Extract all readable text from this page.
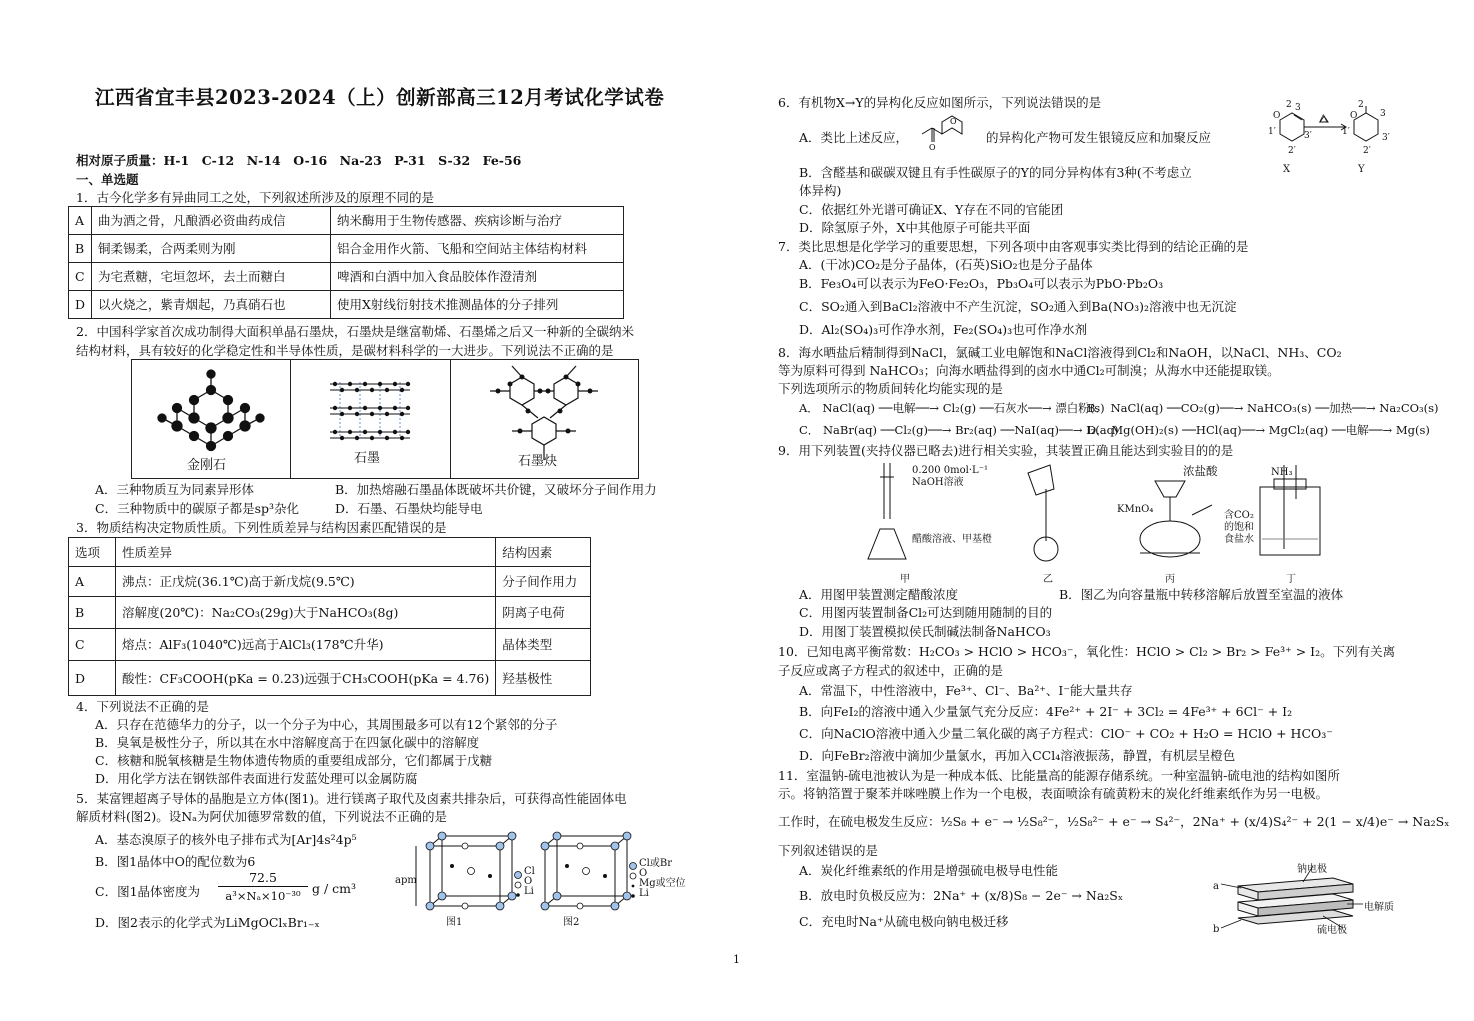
江西省宜丰县2023-2024（上）创新部高三12月考试化学试卷
相对原子质量：H-1　C-12　N-14　O-16　Na-23　P-31　S-32　Fe-56
一、单选题
1．古今化学多有异曲同工之处，下列叙述所涉及的原理不同的是
A	曲为酒之骨，凡酿酒必资曲药成信	纳米酶用于生物传感器、疾病诊断与治疗
B	铜柔锡柔，合两柔则为刚	铝合金用作火箭、飞船和空间站主体结构材料
C	为宅煮糖，宅垣忽坏，去土而糖白	啤酒和白酒中加入食品胶体作澄清剂
D	以火烧之，紫青烟起，乃真硝石也	使用X射线衍射技术推测晶体的分子排列
2．中国科学家首次成功制得大面积单晶石墨炔，石墨炔是继富勒烯、石墨烯之后又一种新的全碳纳米
结构材料，具有较好的化学稳定性和半导体性质，是碳材料科学的一大进步。下列说法不正确的是
金刚石	石墨	石墨炔
A．三种物质互为同素异形体	B．加热熔融石墨晶体既破坏共价键，又破坏分子间作用力
C．三种物质中的碳原子都是sp³杂化	D．石墨、石墨炔均能导电
3．物质结构决定物质性质。下列性质差异与结构因素匹配错误的是
选项	性质差异	结构因素
A	沸点：正戊烷(36.1℃)高于新戊烷(9.5℃)	分子间作用力
B	溶解度(20℃)：Na₂CO₃(29g)大于NaHCO₃(8g)	阴离子电荷
C	熔点：AlF₃(1040℃)远高于AlCl₃(178℃升华)	晶体类型
D	酸性：CF₃COOH(pKa = 0.23)远强于CH₃COOH(pKa = 4.76)	羟基极性
4．下列说法不正确的是
A．只存在范德华力的分子，以一个分子为中心，其周围最多可以有12个紧邻的分子
B．臭氧是极性分子，所以其在水中溶解度高于在四氯化碳中的溶解度
C．核糖和脱氧核糖是生物体遗传物质的重要组成部分，它们都属于戊糖
D．用化学方法在钢铁部件表面进行发蓝处理可以金属防腐
5．某富锂超离子导体的晶胞是立方体(图1)。进行镁离子取代及卤素共排杂后，可获得高性能固体电
解质材料(图2)。设Nₐ为阿伏加德罗常数的值，下列说法不正确的是
A．基态溴原子的核外电子排布式为[Ar]4s²4p⁵
B．图1晶体中O的配位数为6
C．图1晶体密度为
72.5
a³×Nₐ×10⁻³⁰ g / cm³
D．图2表示的化学式为LiMgOClₓBr₁₋ₓ
apm
Cl
O
Li
Cl或Br
O
Mg或空位
Li
图1	图2
6．有机物X→Y的异构化反应如图所示，下列说法错误的是
A．类比上述反应，
O
O
的异构化产物可发生银镜反应和加聚反应
B．含醛基和碳碳双键且有手性碳原子的Y的同分异构体有3种(不考虑立
体异构)
C．依据红外光谱可确证X、Y存在不同的官能团
D．除氢原子外，X中其他原子可能共平面
2
O
3
1′	3′
2′
2
O	3
1′
3′
2′
△
X	Y
7．类比思想是化学学习的重要思想，下列各项中由客观事实类比得到的结论正确的是
A．(干冰)CO₂是分子晶体，(石英)SiO₂也是分子晶体
B．Fe₃O₄可以表示为FeO·Fe₂O₃，Pb₃O₄可以表示为PbO·Pb₂O₃
C．SO₂通入到BaCl₂溶液中不产生沉淀，SO₂通入到Ba(NO₃)₂溶液中也无沉淀
D．Al₂(SO₄)₃可作净水剂，Fe₂(SO₄)₃也可作净水剂
8．海水晒盐后精制得到NaCl，氯碱工业电解饱和NaCl溶液得到Cl₂和NaOH，以NaCl、NH₃、CO₂
等为原料可得到 NaHCO₃；向海水晒盐得到的卤水中通Cl₂可制溴；从海水中还能提取镁。
下列选项所示的物质间转化均能实现的是
A． NaCl(aq) ──电解──→ Cl₂(g) ──石灰水──→ 漂白粉(s)
B． NaCl(aq) ──CO₂(g)──→ NaHCO₃(s) ──加热──→ Na₂CO₃(s)
C． NaBr(aq) ──Cl₂(g)──→ Br₂(aq) ──NaI(aq)──→ I₂(aq)
D． Mg(OH)₂(s) ──HCl(aq)──→ MgCl₂(aq) ──电解──→ Mg(s)
9．用下列装置(夹持仪器已略去)进行相关实验，其装置正确且能达到实验目的的是
0.200 0mol·L⁻¹
NaOH溶液
醋酸溶液、甲基橙
浓盐酸
KMnO₄
NH₃
含CO₂
的饱和
食盐水
甲	乙	丙	丁
A．用图甲装置测定醋酸浓度	B．图乙为向容量瓶中转移溶解后放置至室温的液体
C．用图丙装置制备Cl₂可达到随用随制的目的
D．用图丁装置模拟侯氏制碱法制备NaHCO₃
10．已知电离平衡常数：H₂CO₃ > HClO > HCO₃⁻，氧化性：HClO > Cl₂ > Br₂ > Fe³⁺ > I₂。下列有关离
子反应或离子方程式的叙述中，正确的是
A．常温下，中性溶液中，Fe³⁺、Cl⁻、Ba²⁺、I⁻能大量共存
B．向FeI₂的溶液中通入少量氯气充分反应：4Fe²⁺ + 2I⁻ + 3Cl₂ = 4Fe³⁺ + 6Cl⁻ + I₂
C．向NaClO溶液中通入少量二氧化碳的离子方程式：ClO⁻ + CO₂ + H₂O = HClO + HCO₃⁻
D．向FeBr₂溶液中滴加少量氯水，再加入CCl₄溶液振荡，静置，有机层呈橙色
11．室温钠-硫电池被认为是一种成本低、比能量高的能源存储系统。一种室温钠-硫电池的结构如图所
示。将钠箔置于聚苯并咪唑膜上作为一个电极，表面喷涂有硫黄粉末的炭化纤维素纸作为另一电极。
工作时，在硫电极发生反应：½S₈ + e⁻ → ½S₈²⁻，½S₈²⁻ + e⁻ → S₄²⁻，2Na⁺ + (x/4)S₄²⁻ + 2(1 − x/4)e⁻ → Na₂Sₓ
下列叙述错误的是
A．炭化纤维素纸的作用是增强硫电极导电性能
B．放电时负极反应为：2Na⁺ + (x/8)S₈ − 2e⁻ → Na₂Sₓ
C．充电时Na⁺从硫电极向钠电极迁移
钠电极
电解质
硫电极
a
b
1
